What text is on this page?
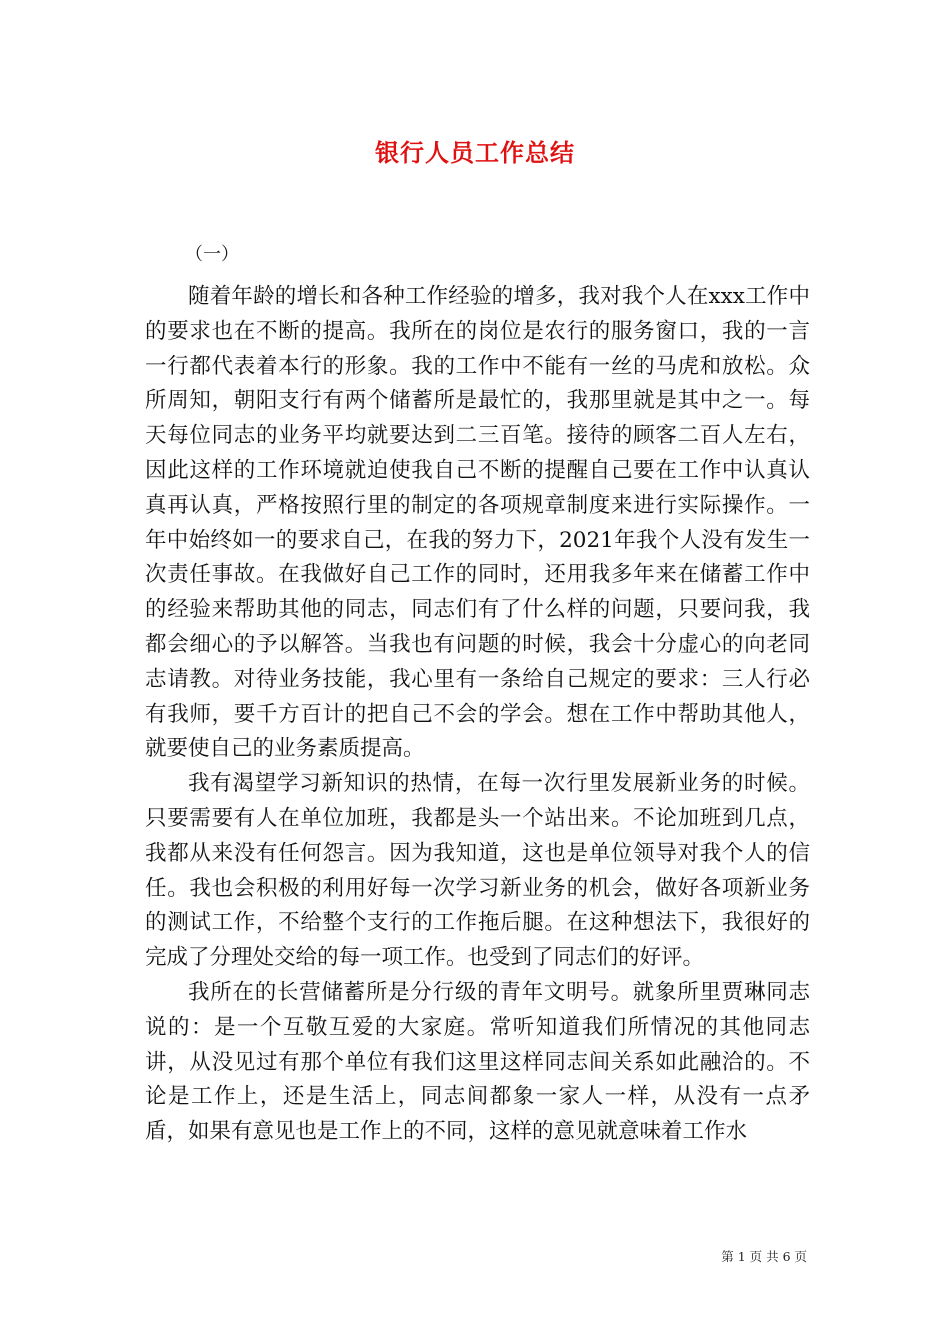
银行人员工作总结
（一）

随着年龄的增长和各种工作经验的增多，我对我个人在xxx工作中的要求也在不断的提高。我所在的岗位是农行的服务窗口，我的一言一行都代表着本行的形象。我的工作中不能有一丝的马虎和放松。众所周知，朝阳支行有两个储蓄所是最忙的，我那里就是其中之一。每天每位同志的业务平均就要达到二三百笔。接待的顾客二百人左右，因此这样的工作环境就迫使我自己不断的提醒自己要在工作中认真认真再认真，严格按照行里的制定的各项规章制度来进行实际操作。一年中始终如一的要求自己，在我的努力下，2021年我个人没有发生一次责任事故。在我做好自己工作的同时，还用我多年来在储蓄工作中的经验来帮助其他的同志，同志们有了什么样的问题，只要问我，我都会细心的予以解答。当我也有问题的时候，我会十分虚心的向老同志请教。对待业务技能，我心里有一条给自己规定的要求：三人行必有我师，要千方百计的把自己不会的学会。想在工作中帮助其他人，就要使自己的业务素质提高。

我有渴望学习新知识的热情，在每一次行里发展新业务的时候。只要需要有人在单位加班，我都是头一个站出来。不论加班到几点，我都从来没有任何怨言。因为我知道，这也是单位领导对我个人的信任。我也会积极的利用好每一次学习新业务的机会，做好各项新业务的测试工作，不给整个支行的工作拖后腿。在这种想法下，我很好的完成了分理处交给的每一项工作。也受到了同志们的好评。

我所在的长营储蓄所是分行级的青年文明号。就象所里贾琳同志说的：是一个互敬互爱的大家庭。常听知道我们所情况的其他同志讲，从没见过有那个单位有我们这里这样同志间关系如此融洽的。不论是工作上，还是生活上，同志间都象一家人一样，从没有一点矛盾，如果有意见也是工作上的不同，这样的意见就意味着工作水

第 1 页 共 6 页
